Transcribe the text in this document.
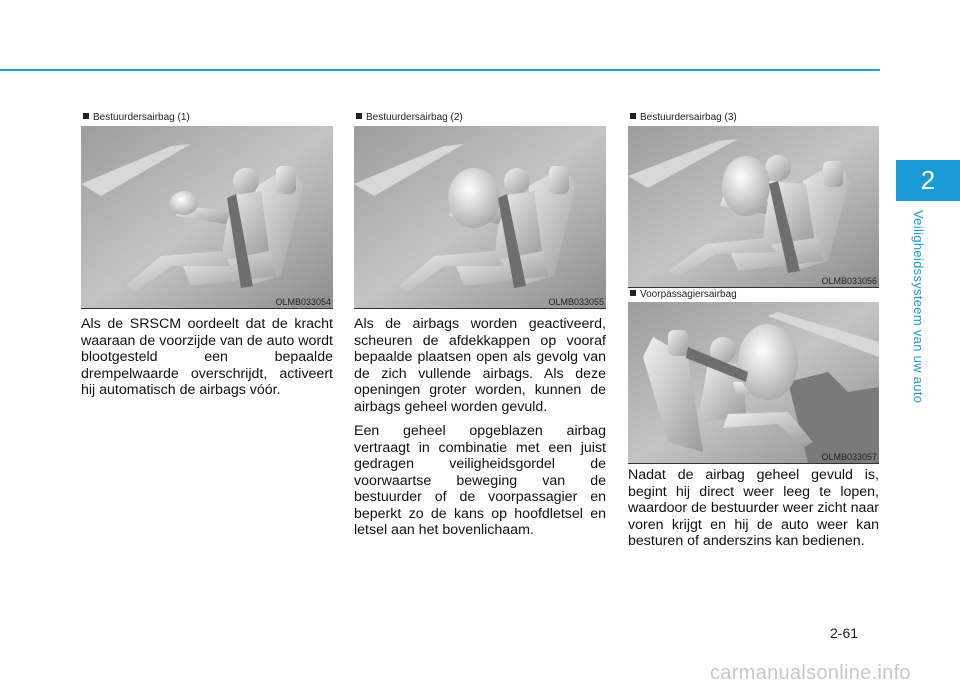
2
Veiligheidssysteem van uw auto
Bestuurdersairbag (1)
OLMB033054
Bestuurdersairbag (2)
OLMB033055
Bestuurdersairbag (3)
OLMB033056
Voorpassagiersairbag
OLMB033057

Als de SRSCM oordeelt dat de kracht waaraan de voorzijde van de auto wordt blootgesteld een bepaalde drempelwaarde overschrijdt, activeert hij automatisch de airbags vóór.

Als de airbags worden geactiveerd, scheuren de afdekkappen op vooraf bepaalde plaatsen open als gevolg van de zich vullende airbags. Als deze openingen groter worden, kunnen de airbags geheel worden gevuld.

Een geheel opgeblazen airbag vertraagt in combinatie met een juist gedragen veiligheidsgordel de voorwaartse beweging van de bestuurder of de voorpassagier en beperkt zo de kans op hoofdletsel en letsel aan het bovenlichaam.

Nadat de airbag geheel gevuld is, begint hij direct weer leeg te lopen, waardoor de bestuurder weer zicht naar voren krijgt en hij de auto weer kan besturen of anderszins kan bedienen.

2-61
carmanualsonline.info
